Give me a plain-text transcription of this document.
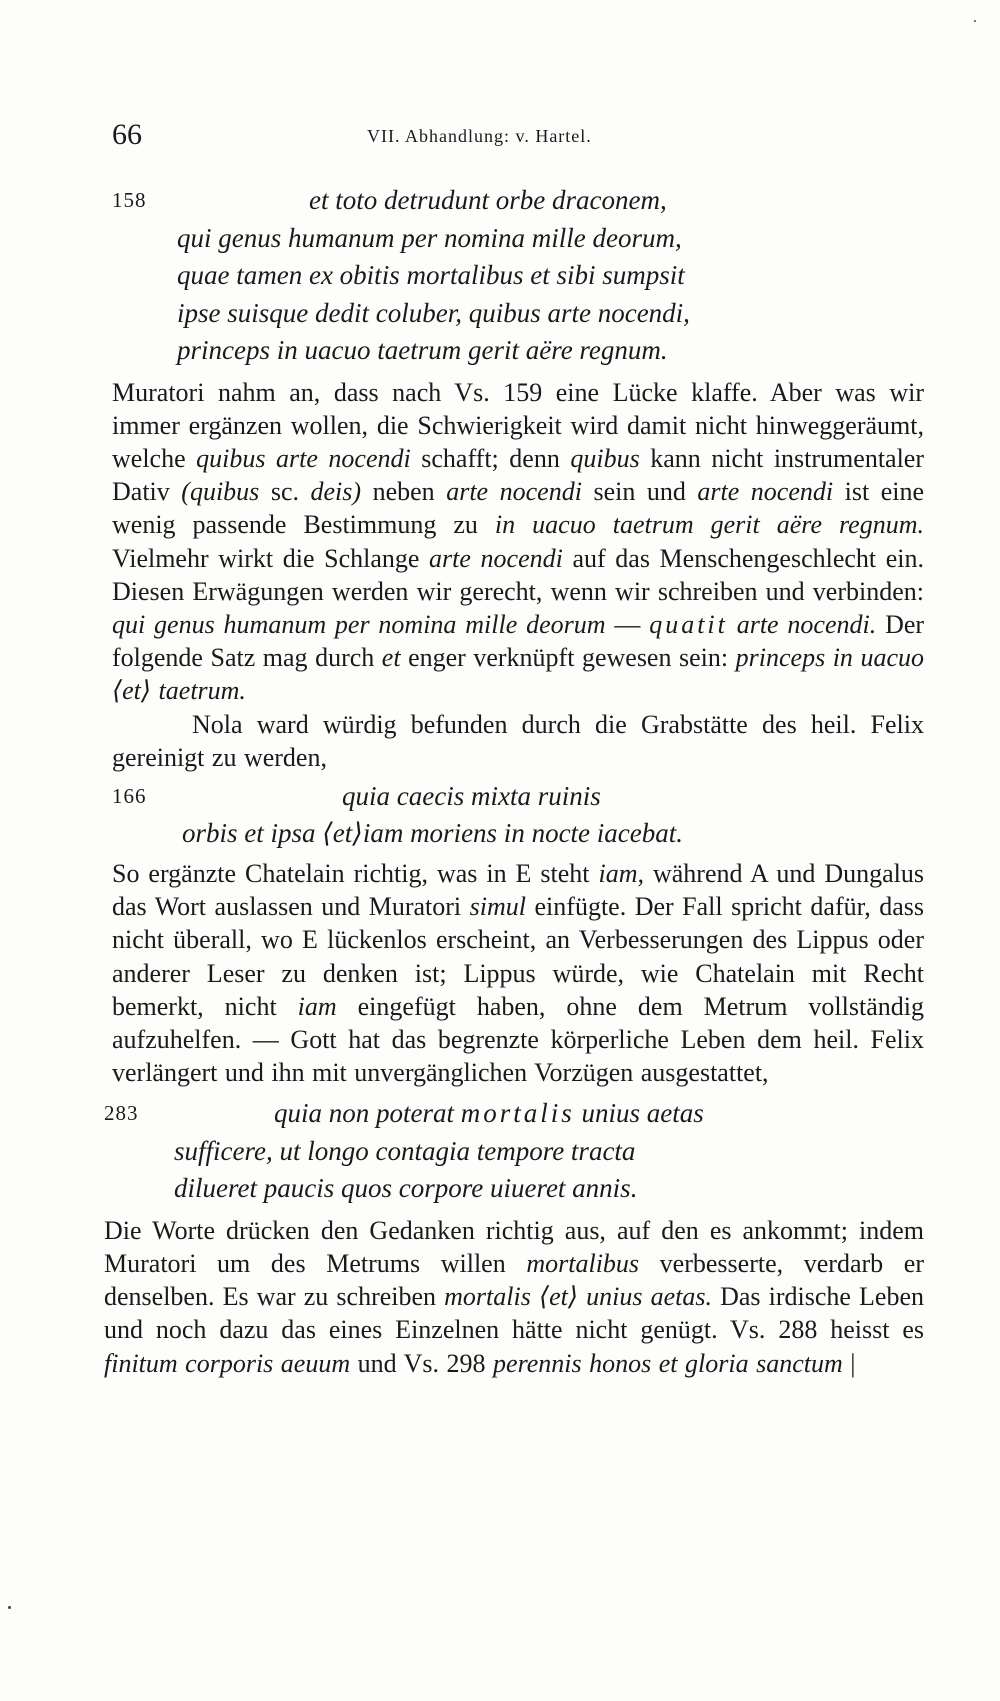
66	VII. Abhandlung: v. Hartel.
158	et toto detrudunt orbe draconem,
qui genus humanum per nomina mille deorum,
quae tamen ex obitis mortalibus et sibi sumpsit
ipse suisque dedit coluber, quibus arte nocendi,
princeps in uacuo taetrum gerit aëre regnum.

Muratori nahm an, dass nach Vs. 159 eine Lücke klaffe. Aber was wir immer ergänzen wollen, die Schwierigkeit wird damit nicht hinweggeräumt, welche quibus arte nocendi schafft; denn quibus kann nicht instrumentaler Dativ (quibus sc. deis) neben arte nocendi sein und arte nocendi ist eine wenig passende Bestimmung zu in uacuo taetrum gerit aëre regnum. Vielmehr wirkt die Schlange arte nocendi auf das Menschengeschlecht ein. Diesen Erwägungen werden wir gerecht, wenn wir schreiben und verbinden: qui genus humanum per nomina mille deorum — quatit arte nocendi. Der folgende Satz mag durch et enger verknüpft gewesen sein: princeps in uacuo ⟨et⟩ taetrum.

Nola ward würdig befunden durch die Grabstätte des heil. Felix gereinigt zu werden,

166	quia caecis mixta ruinis
orbis et ipsa ⟨et⟩iam moriens in nocte iacebat.

So ergänzte Chatelain richtig, was in E steht iam, während A und Dungalus das Wort auslassen und Muratori simul einfügte. Der Fall spricht dafür, dass nicht überall, wo E lückenlos erscheint, an Verbesserungen des Lippus oder anderer Leser zu denken ist; Lippus würde, wie Chatelain mit Recht bemerkt, nicht iam eingefügt haben, ohne dem Metrum vollständig aufzuhelfen. — Gott hat das begrenzte körperliche Leben dem heil. Felix verlängert und ihn mit unvergänglichen Vorzügen ausgestattet,

283	quia non poterat mortalis unius aetas
sufficere, ut longo contagia tempore tracta
dilueret paucis quos corpore uiueret annis.

Die Worte drücken den Gedanken richtig aus, auf den es ankommt; indem Muratori um des Metrums willen mortalibus verbesserte, verdarb er denselben. Es war zu schreiben mortalis ⟨et⟩ unius aetas. Das irdische Leben und noch dazu das eines Einzelnen hätte nicht genügt. Vs. 288 heisst es finitum corporis aeuum und Vs. 298 perennis honos et gloria sanctum |
